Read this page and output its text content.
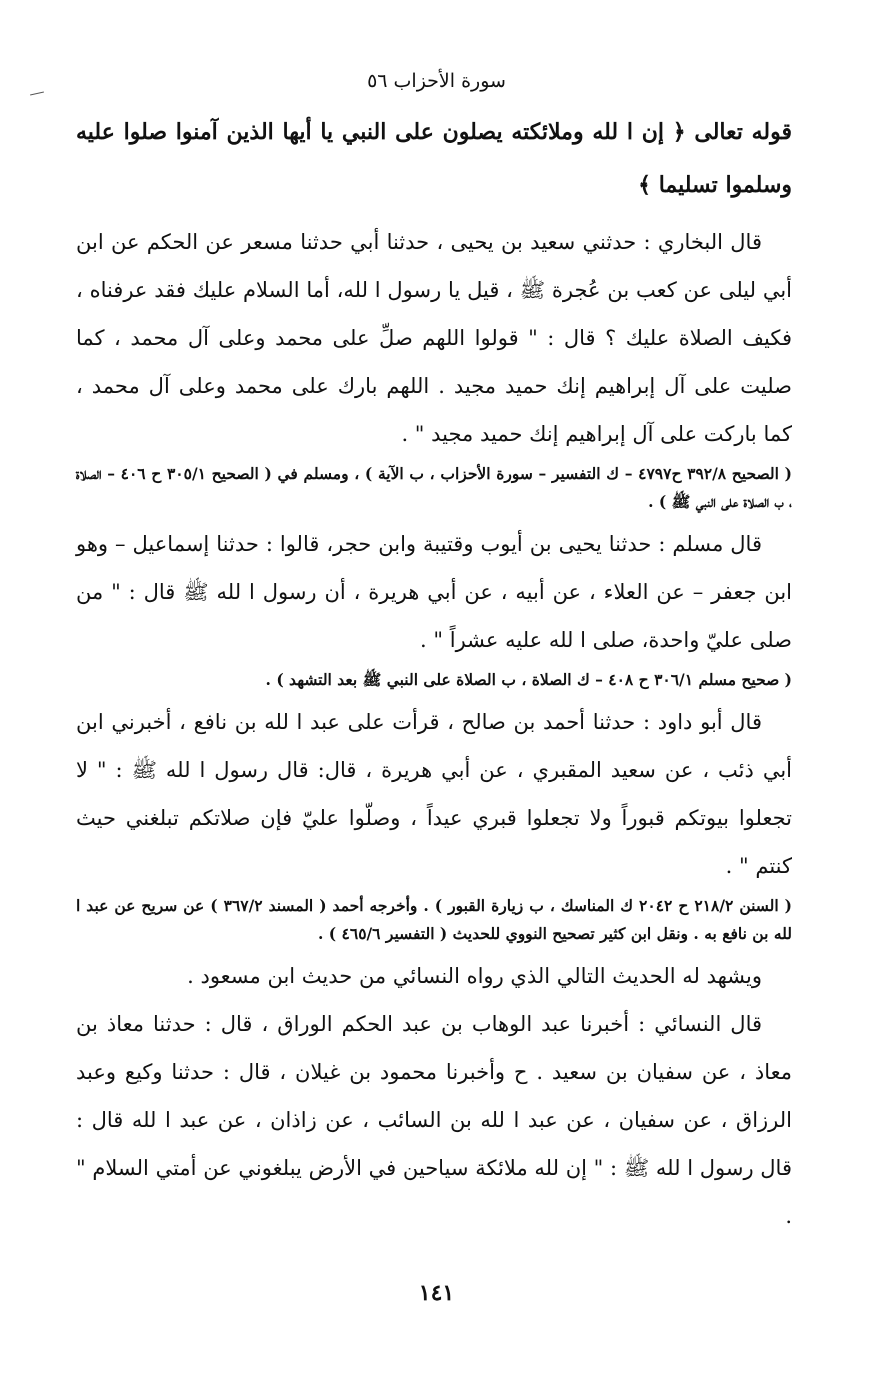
سورة الأحزاب ٥٦

قوله تعالى ﴿ إن ا لله وملائكته يصلون على النبي يا أيها الذين آمنوا صلوا عليه وسلموا تسليما ﴾

قال البخاري : حدثني سعيد بن يحيى ، حدثنا أبي حدثنا مسعر عن الحكم عن ابن أبي ليلى عن كعب بن عُجرة ﷺ ، قيل يا رسول ا لله، أما السلام عليك فقد عرفناه ، فكيف الصلاة عليك ؟ قال : " قولوا اللهم صلِّ على محمد وعلى آل محمد ، كما صليت على آل إبراهيم إنك حميد مجيد . اللهم بارك على محمد وعلى آل محمد ، كما باركت على آل إبراهيم إنك حميد مجيد " .

( الصحيح ٣٩٢/٨ ح٤٧٩٧ – ك التفسير – سورة الأحزاب ، ب الآية ) ، ومسلم في ( الصحيح ٣٠٥/١ ح ٤٠٦ – الصلاة ، ب الصلاة على النبي ﷺ ) .

قال مسلم : حدثنا يحيى بن أيوب وقتيبة وابن حجر، قالوا : حدثنا إسماعيل – وهو ابن جعفر – عن العلاء ، عن أبيه ، عن أبي هريرة ، أن رسول ا لله ﷺ قال : " من صلى عليّ واحدة، صلى ا لله عليه عشراً " .

( صحيح مسلم ٣٠٦/١ ح ٤٠٨ – ك الصلاة ، ب الصلاة على النبي ﷺ بعد التشهد ) .

قال أبو داود : حدثنا أحمد بن صالح ، قرأت على عبد ا لله بن نافع ، أخبرني ابن أبي ذئب ، عن سعيد المقبري ، عن أبي هريرة ، قال: قال رسول ا لله ﷺ : " لا تجعلوا بيوتكم قبوراً ولا تجعلوا قبري عيداً ، وصلّوا عليّ فإن صلاتكم تبلغني حيث كنتم " .

( السنن ٢١٨/٢ ح ٢٠٤٢ ك المناسك ، ب زيارة القبور ) . وأخرجه أحمد ( المسند ٣٦٧/٢ ) عن سريح عن عبد ا لله بن نافع به . ونقل ابن كثير تصحيح النووي للحديث ( التفسير ٤٦٥/٦ ) .

ويشهد له الحديث التالي الذي رواه النسائي من حديث ابن مسعود .

قال النسائي : أخبرنا عبد الوهاب بن عبد الحكم الوراق ، قال : حدثنا معاذ بن معاذ ، عن سفيان بن سعيد . ح وأخبرنا محمود بن غيلان ، قال : حدثنا وكيع وعبد الرزاق ، عن سفيان ، عن عبد ا لله بن السائب ، عن زاذان ، عن عبد ا لله قال : قال رسول ا لله ﷺ : " إن لله ملائكة سياحين في الأرض يبلغوني عن أمتي السلام " .

١٤١
